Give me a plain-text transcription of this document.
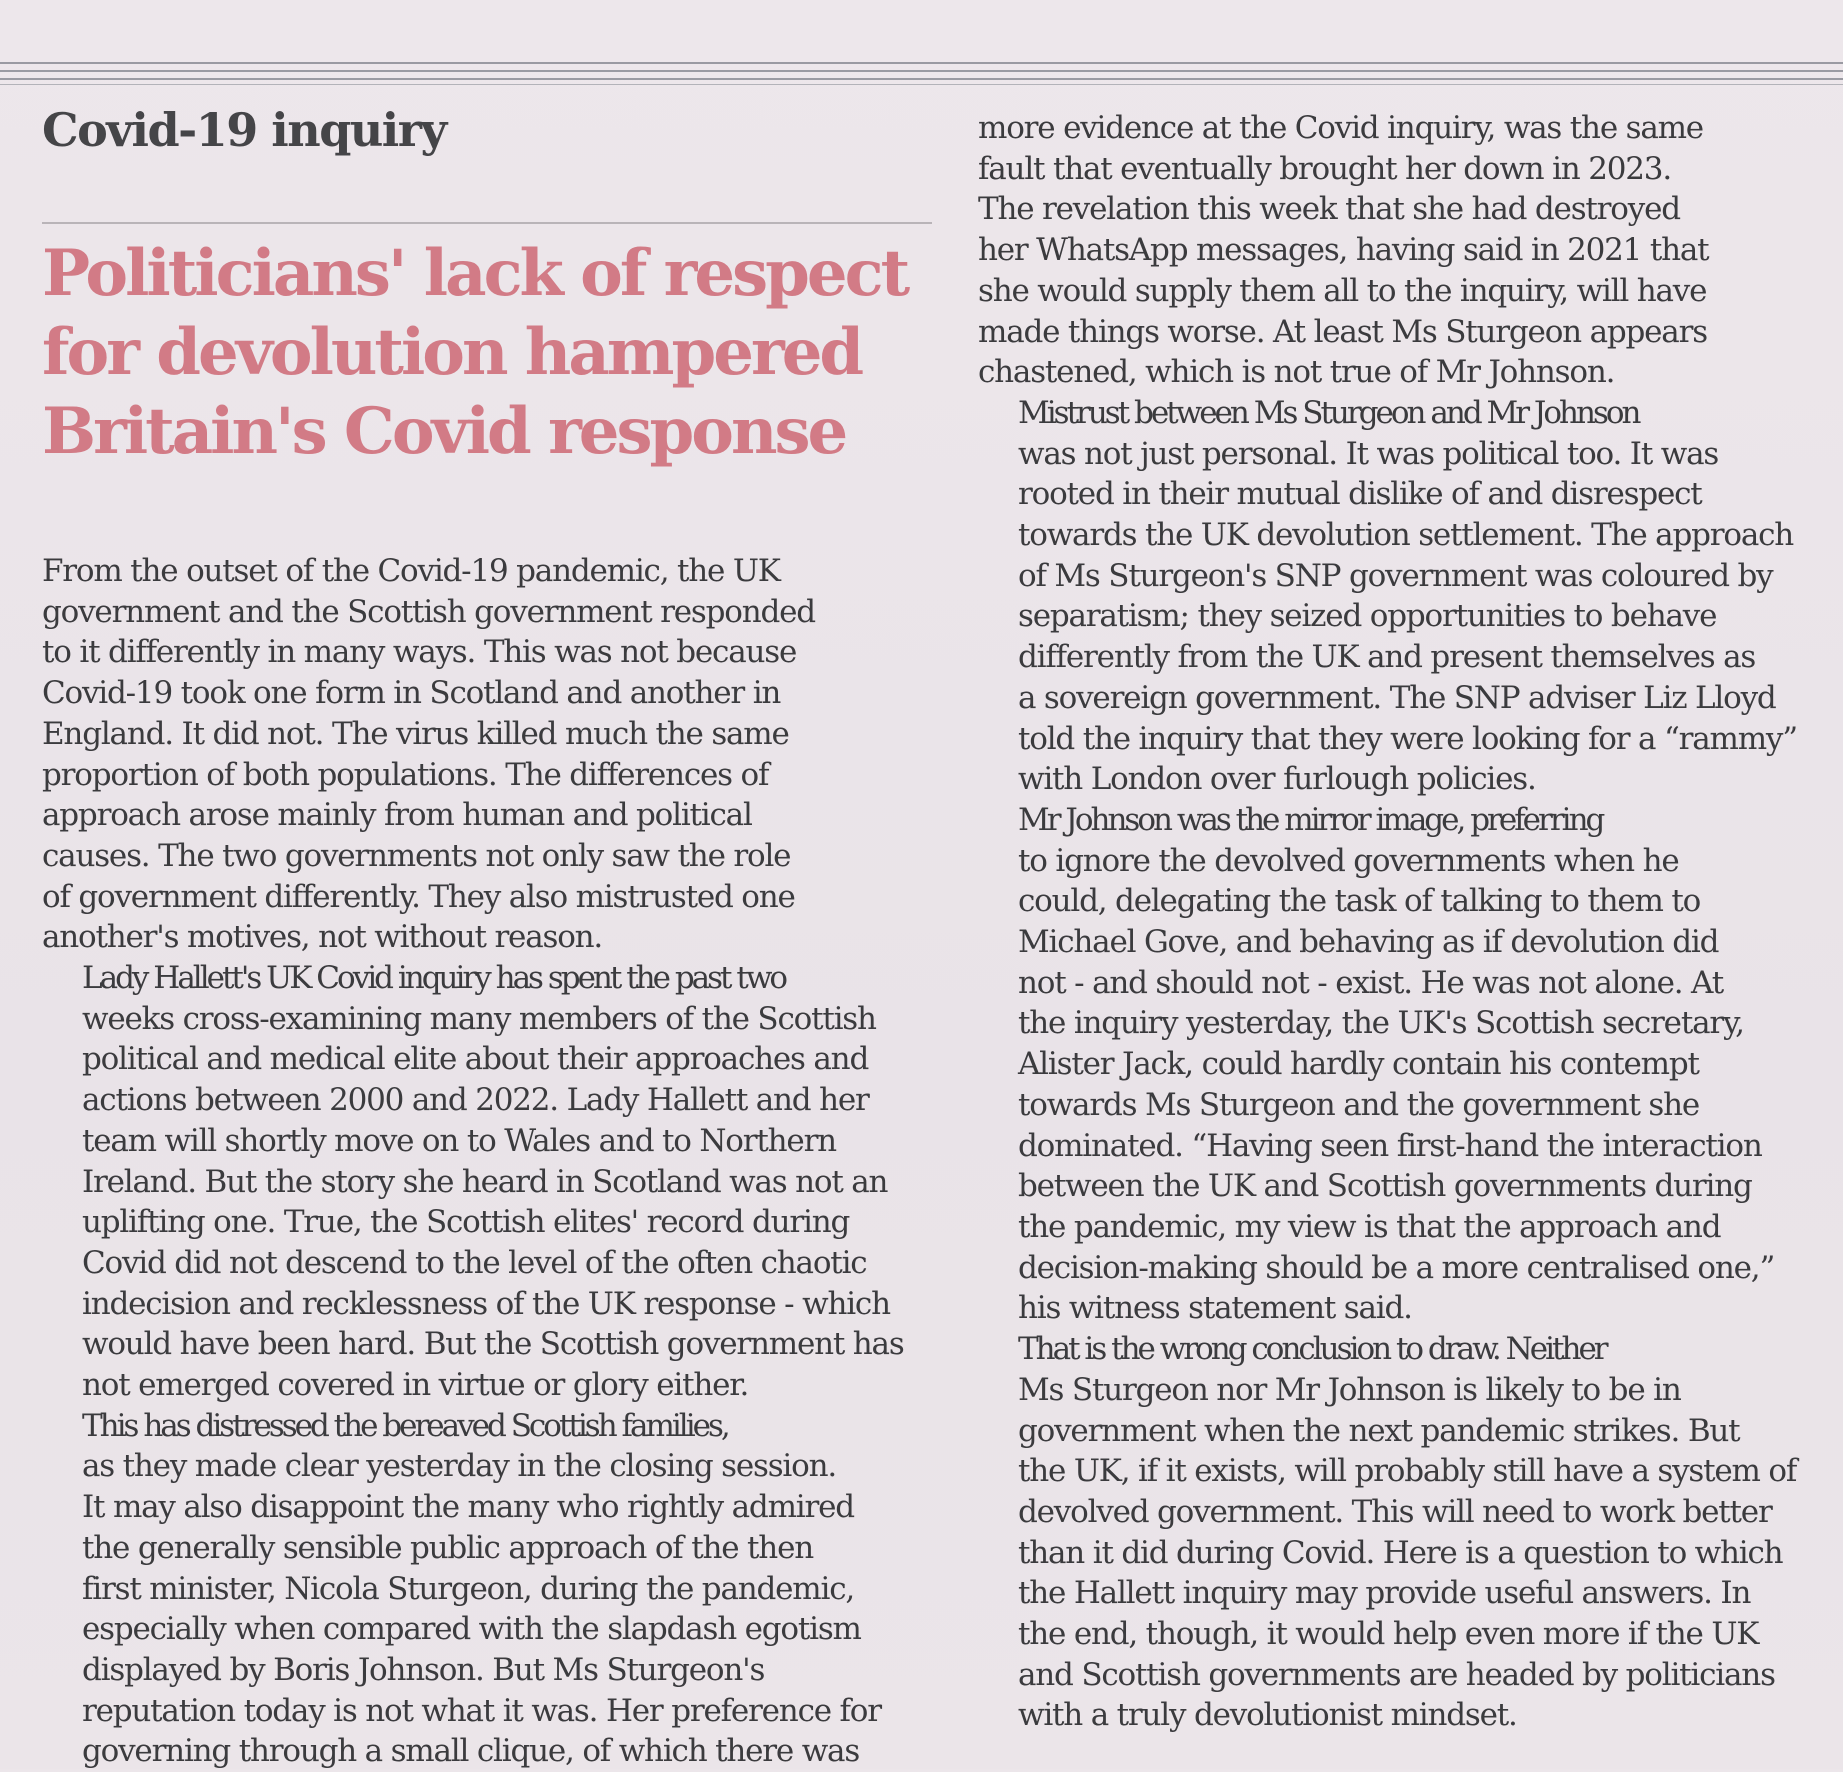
Covid-19 inquiry
Politicians' lack of respect
for devolution hampered
Britain's Covid response

From the outset of the Covid-19 pandemic, the UK
government and the Scottish government responded
to it differently in many ways. This was not because
Covid-19 took one form in Scotland and another in
England. It did not. The virus killed much the same
proportion of both populations. The differences of
approach arose mainly from human and political
causes. The two governments not only saw the role
of government differently. They also mistrusted one
another's motives, not without reason.

Lady Hallett's UK Covid inquiry has spent the past two
weeks cross-examining many members of the Scottish
political and medical elite about their approaches and
actions between 2000 and 2022. Lady Hallett and her
team will shortly move on to Wales and to Northern
Ireland. But the story she heard in Scotland was not an
uplifting one. True, the Scottish elites' record during
Covid did not descend to the level of the often chaotic
indecision and recklessness of the UK response - which
would have been hard. But the Scottish government has
not emerged covered in virtue or glory either.

This has distressed the bereaved Scottish families,
as they made clear yesterday in the closing session.
It may also disappoint the many who rightly admired
the generally sensible public approach of the then
first minister, Nicola Sturgeon, during the pandemic,
especially when compared with the slapdash egotism
displayed by Boris Johnson. But Ms Sturgeon's
reputation today is not what it was. Her preference for
governing through a small clique, of which there was

more evidence at the Covid inquiry, was the same
fault that eventually brought her down in 2023.
The revelation this week that she had destroyed
her WhatsApp messages, having said in 2021 that
she would supply them all to the inquiry, will have
made things worse. At least Ms Sturgeon appears
chastened, which is not true of Mr Johnson.

Mistrust between Ms Sturgeon and Mr Johnson
was not just personal. It was political too. It was
rooted in their mutual dislike of and disrespect
towards the UK devolution settlement. The approach
of Ms Sturgeon's SNP government was coloured by
separatism; they seized opportunities to behave
differently from the UK and present themselves as
a sovereign government. The SNP adviser Liz Lloyd
told the inquiry that they were looking for a “rammy”
with London over furlough policies.

Mr Johnson was the mirror image, preferring
to ignore the devolved governments when he
could, delegating the task of talking to them to
Michael Gove, and behaving as if devolution did
not - and should not - exist. He was not alone. At
the inquiry yesterday, the UK's Scottish secretary,
Alister Jack, could hardly contain his contempt
towards Ms Sturgeon and the government she
dominated. “Having seen first-hand the interaction
between the UK and Scottish governments during
the pandemic, my view is that the approach and
decision-making should be a more centralised one,”
his witness statement said.

That is the wrong conclusion to draw. Neither
Ms Sturgeon nor Mr Johnson is likely to be in
government when the next pandemic strikes. But
the UK, if it exists, will probably still have a system of
devolved government. This will need to work better
than it did during Covid. Here is a question to which
the Hallett inquiry may provide useful answers. In
the end, though, it would help even more if the UK
and Scottish governments are headed by politicians
with a truly devolutionist mindset.
